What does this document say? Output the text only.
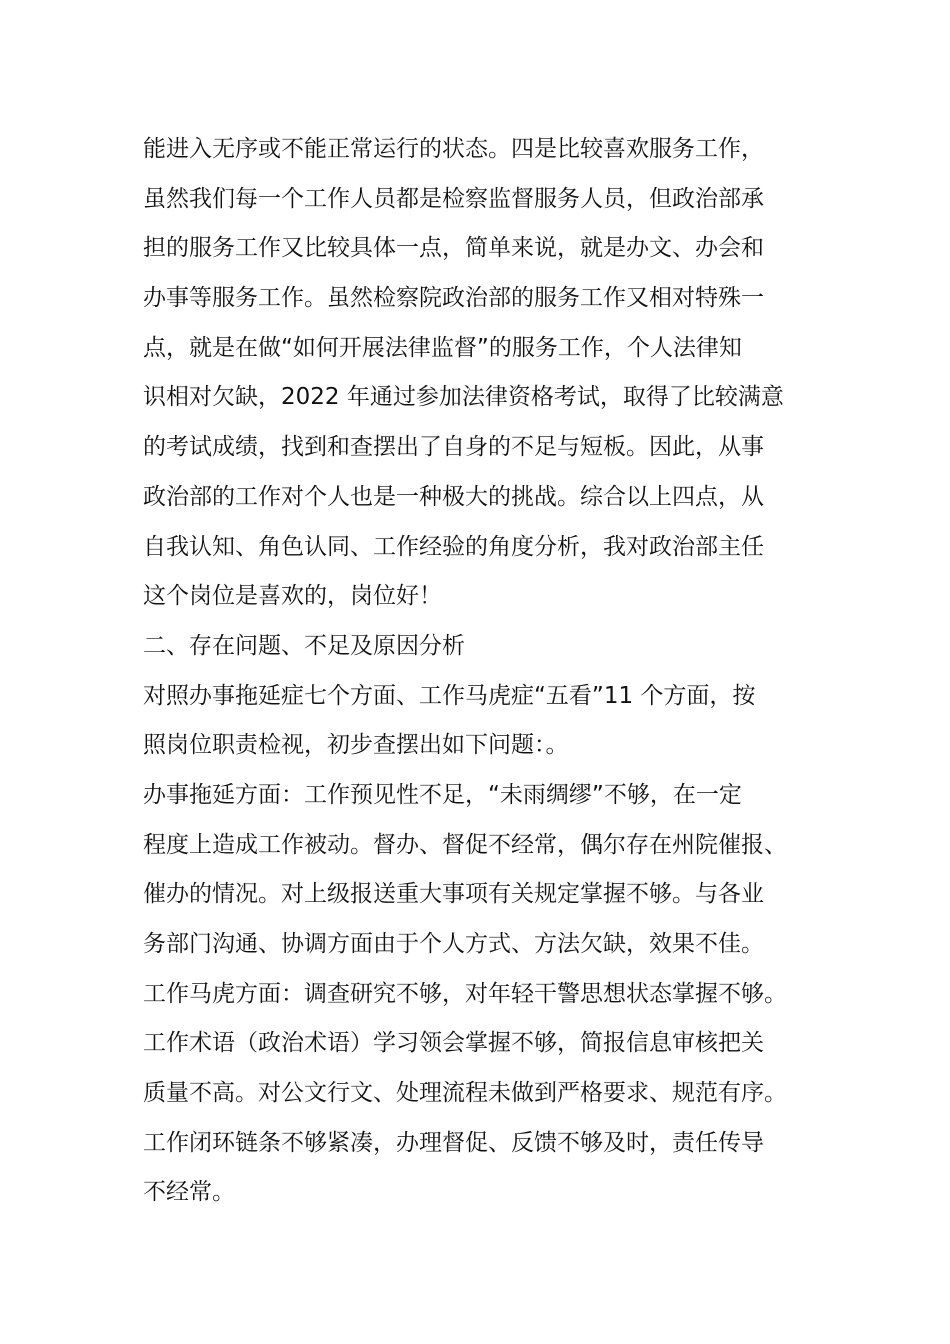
能进入无序或不能正常运行的状态。四是比较喜欢服务工作，
虽然我们每一个工作人员都是检察监督服务人员，但政治部承
担的服务工作又比较具体一点，简单来说，就是办文、办会和
办事等服务工作。虽然检察院政治部的服务工作又相对特殊一
点，就是在做“如何开展法律监督”的服务工作，个人法律知
识相对欠缺，2022 年通过参加法律资格考试，取得了比较满意
的考试成绩，找到和查摆出了自身的不足与短板。因此，从事
政治部的工作对个人也是一种极大的挑战。综合以上四点，从
自我认知、角色认同、工作经验的角度分析，我对政治部主任
这个岗位是喜欢的，岗位好！
二、存在问题、不足及原因分析
对照办事拖延症七个方面、工作马虎症“五看”11 个方面，按
照岗位职责检视，初步查摆出如下问题：。
办事拖延方面：工作预见性不足，“未雨绸缪”不够，在一定
程度上造成工作被动。督办、督促不经常，偶尔存在州院催报、
催办的情况。对上级报送重大事项有关规定掌握不够。与各业
务部门沟通、协调方面由于个人方式、方法欠缺，效果不佳。
工作马虎方面：调查研究不够，对年轻干警思想状态掌握不够。
工作术语（政治术语）学习领会掌握不够，简报信息审核把关
质量不高。对公文行文、处理流程未做到严格要求、规范有序。
工作闭环链条不够紧凑，办理督促、反馈不够及时，责任传导
不经常。
